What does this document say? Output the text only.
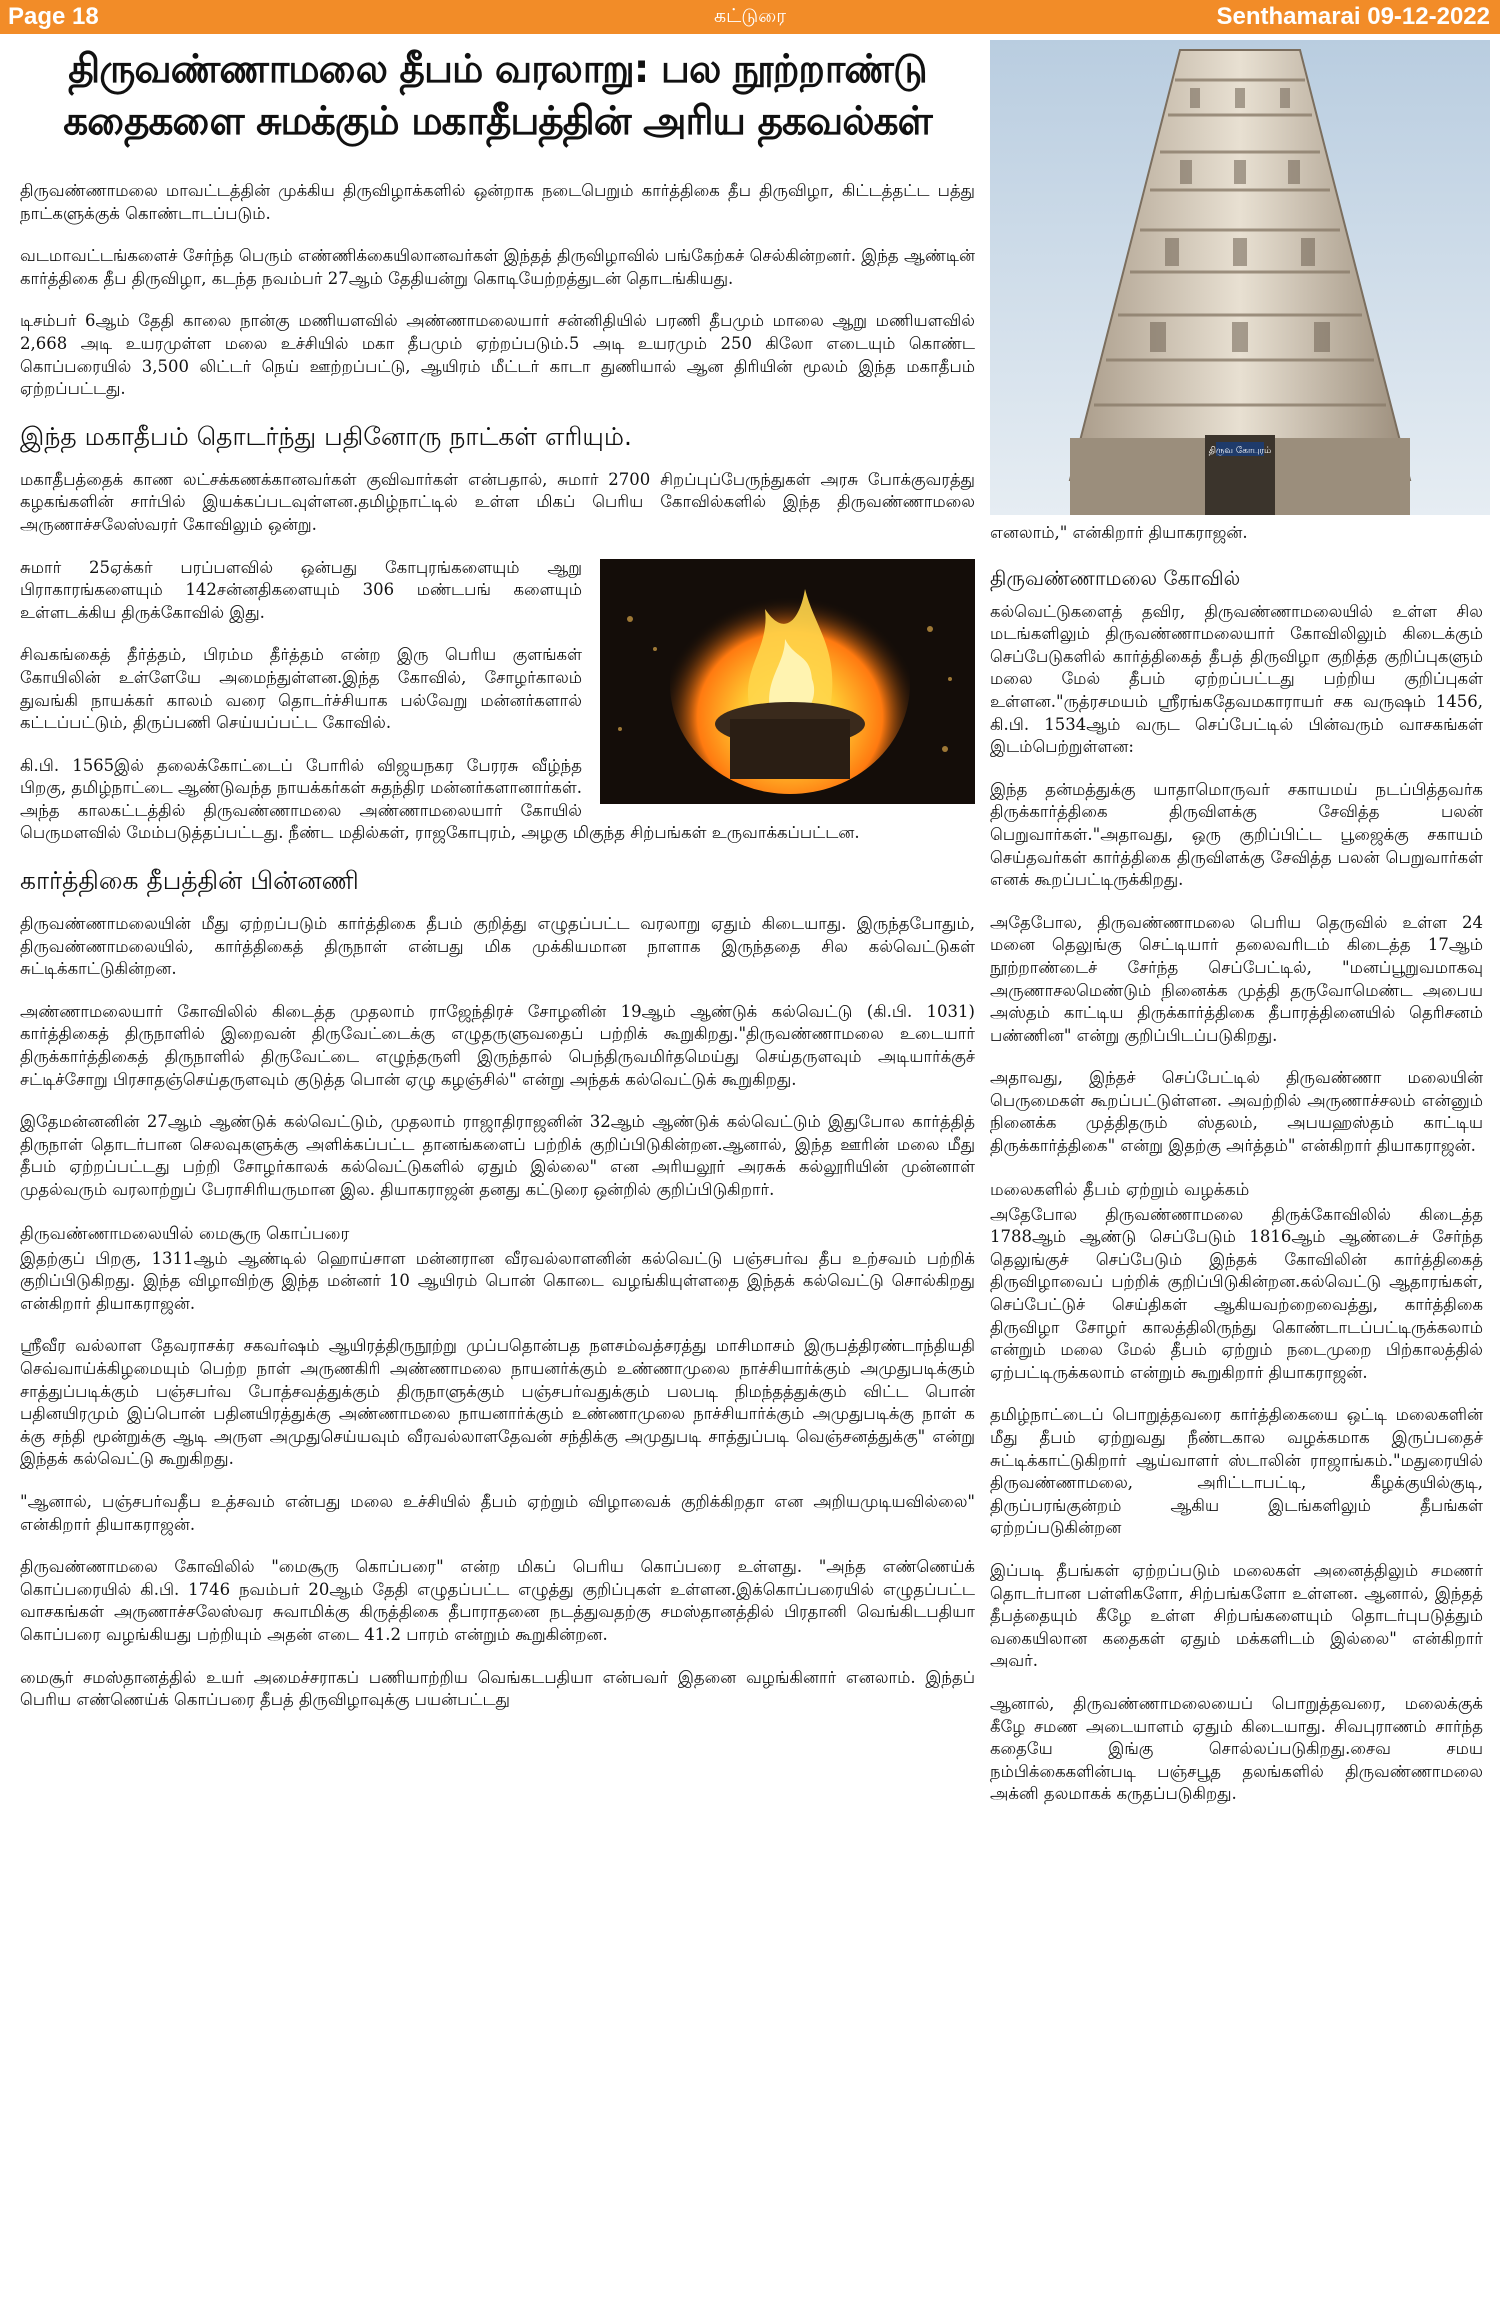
Page 18	கட்டுரை	Senthamarai 09-12-2022
திருவண்ணாமலை தீபம் வரலாறு: பல நூற்றாண்டு
கதைகளை சுமக்கும் மகாதீபத்தின் அரிய தகவல்கள்
திருவ கோபுரம்

திருவண்ணாமலை மாவட்டத்தின் முக்கிய திருவிழாக்களில் ஒன்றாக நடைபெறும் கார்த்திகை தீப திருவிழா, கிட்டத்தட்ட பத்து நாட்களுக்குக் கொண்டாடப்படும்.

வடமாவட்டங்களைச் சேர்ந்த பெரும் எண்ணிக்கையிலானவர்கள் இந்தத் திருவிழாவில் பங்கேற்கச் செல்கின்றனர். இந்த ஆண்டின் கார்த்திகை தீப திருவிழா, கடந்த நவம்பர் 27ஆம் தேதியன்று கொடியேற்றத்துடன் தொடங்கியது.

டிசம்பர் 6ஆம் தேதி காலை நான்கு மணியளவில் அண்ணாமலையார் சன்னிதியில் பரணி தீபமும் மாலை ஆறு மணியளவில் 2,668 அடி உயரமுள்ள மலை உச்சியில் மகா தீபமும் ஏற்றப்படும்.5 அடி உயரமும் 250 கிலோ எடையும் கொண்ட கொப்பரையில் 3,500 லிட்டர் நெய் ஊற்றப்பட்டு, ஆயிரம் மீட்டர் காடா துணியால் ஆன திரியின் மூலம் இந்த மகாதீபம் ஏற்றப்பட்டது.

இந்த மகாதீபம் தொடர்ந்து பதினோரு நாட்கள் எரியும்.

மகாதீபத்தைக் காண லட்சக்கணக்கானவர்கள் குவிவார்கள் என்பதால், சுமார் 2700 சிறப்புப்பேருந்துகள் அரசு போக்குவரத்து கழகங்களின் சார்பில் இயக்கப்படவுள்ளன.தமிழ்நாட்டில் உள்ள மிகப் பெரிய கோவில்களில் இந்த திருவண்ணாமலை அருணாச்சலேஸ்வரர் கோவிலும் ஒன்று.

சுமார் 25ஏக்கர் பரப்பளவில் ஒன்பது கோபுரங்களையும் ஆறு பிராகாரங்களையும் 142சன்னதிகளையும் 306 மண்டபங் களையும் உள்ளடக்கிய திருக்கோவில் இது.

சிவகங்கைத் தீர்த்தம், பிரம்ம தீர்த்தம் என்ற இரு பெரிய குளங்கள் கோயிலின் உள்ளேயே அமைந்துள்ளன.இந்த கோவில், சோழர்காலம் துவங்கி நாயக்கர் காலம் வரை தொடர்ச்சியாக பல்வேறு மன்னர்களால் கட்டப்பட்டும், திருப்பணி செய்யப்பட்ட கோவில்.

கி.பி. 1565இல் தலைக்கோட்டைப் போரில் விஜயநகர பேரரசு வீழ்ந்த பிறகு, தமிழ்நாட்டை ஆண்டுவந்த நாயக்கர்கள் சுதந்திர மன்னர்களானார்கள். அந்த காலகட்டத்தில் திருவண்ணாமலை அண்ணாமலையார் கோயில் பெருமளவில் மேம்படுத்தப்பட்டது. நீண்ட மதில்கள், ராஜகோபுரம், அழகு மிகுந்த சிற்பங்கள் உருவாக்கப்பட்டன.

கார்த்திகை தீபத்தின் பின்னணி

திருவண்ணாமலையின் மீது ஏற்றப்படும் கார்த்திகை தீபம் குறித்து எழுதப்பட்ட வரலாறு ஏதும் கிடையாது. இருந்தபோதும், திருவண்ணாமலையில், கார்த்திகைத் திருநாள் என்பது மிக முக்கியமான நாளாக இருந்ததை சில கல்வெட்டுகள் சுட்டிக்காட்டுகின்றன.

அண்ணாமலையார் கோவிலில் கிடைத்த முதலாம் ராஜேந்திரச் சோழனின் 19ஆம் ஆண்டுக் கல்வெட்டு (கி.பி. 1031) கார்த்திகைத் திருநாளில் இறைவன் திருவேட்டைக்கு எழுதருளுவதைப் பற்றிக் கூறுகிறது."திருவண்ணாமலை உடையார் திருக்கார்த்திகைத் திருநாளில் திருவேட்டை எழுந்தருளி இருந்தால் பெந்திருவமிர்தமெய்து செய்தருளவும் அடியார்க்குச் சட்டிச்சோறு பிரசாதஞ்செய்தருளவும் குடுத்த பொன் ஏழு கழஞ்சில்" என்று அந்தக் கல்வெட்டுக் கூறுகிறது.

இதேமன்னனின் 27ஆம் ஆண்டுக் கல்வெட்டும், முதலாம் ராஜாதிராஜனின் 32ஆம் ஆண்டுக் கல்வெட்டும் இதுபோல கார்த்தித் திருநாள் தொடர்பான செலவுகளுக்கு அளிக்கப்பட்ட தானங்களைப் பற்றிக் குறிப்பிடுகின்றன.ஆனால், இந்த ஊரின் மலை மீது தீபம் ஏற்றப்பட்டது பற்றி சோழர்காலக் கல்வெட்டுகளில் ஏதும் இல்லை" என அரியலூர் அரசுக் கல்லூரியின் முன்னாள் முதல்வரும் வரலாற்றுப் பேராசிரியருமான இல. தியாகராஜன் தனது கட்டுரை ஒன்றில் குறிப்பிடுகிறார்.

திருவண்ணாமலையில் மைசூரு கொப்பரை

இதற்குப் பிறகு, 1311ஆம் ஆண்டில் ஹொய்சாள மன்னரான வீரவல்லாளனின் கல்வெட்டு பஞ்சபர்வ தீப உற்சவம் பற்றிக் குறிப்பிடுகிறது. இந்த விழாவிற்கு இந்த மன்னர் 10 ஆயிரம் பொன் கொடை வழங்கியுள்ளதை இந்தக் கல்வெட்டு சொல்கிறது என்கிறார் தியாகராஜன்.

ஸ்ரீவீர வல்லாள தேவராசக்ர சகவர்ஷம் ஆயிரத்திருநூற்று முப்பதொன்பத நளசம்வத்சரத்து மாசிமாசம் இருபத்திரண்டாந்தியதி செவ்வாய்க்கிழமையும் பெற்ற நாள் அருணகிரி அண்ணாமலை நாயனர்க்கும் உண்ணாமுலை நாச்சியார்க்கும் அமுதுபடிக்கும் சாத்துப்படிக்கும் பஞ்சபர்வ போத்சவத்துக்கும் திருநாளுக்கும் பஞ்சபர்வதுக்கும் பலபடி நிமந்தத்துக்கும் விட்ட பொன் பதினயிரமும் இப்பொன் பதினயிரத்துக்கு அண்ணாமலை நாயனார்க்கும் உண்ணாமுலை நாச்சியார்க்கும் அமுதுபடிக்கு நாள் க க்கு சந்தி மூன்றுக்கு ஆடி அருள அமுதுசெய்யவும் வீரவல்லாளதேவன் சந்திக்கு அமுதுபடி சாத்துப்படி வெஞ்சனத்துக்கு" என்று இந்தக் கல்வெட்டு கூறுகிறது.

"ஆனால், பஞ்சபர்வதீப உத்சவம் என்பது மலை உச்சியில் தீபம் ஏற்றும் விழாவைக் குறிக்கிறதா என அறியமுடியவில்லை" என்கிறார் தியாகராஜன்.

திருவண்ணாமலை கோவிலில் "மைசூரு கொப்பரை" என்ற மிகப் பெரிய கொப்பரை உள்ளது. "அந்த எண்ணெய்க் கொப்பரையில் கி.பி. 1746 நவம்பர் 20ஆம் தேதி எழுதப்பட்ட எழுத்து குறிப்புகள் உள்ளன.இக்கொப்பரையில் எழுதப்பட்ட வாசகங்கள் அருணாச்சலேஸ்வர சுவாமிக்கு கிருத்திகை தீபாராதனை நடத்துவதற்கு சமஸ்தானத்தில் பிரதானி வெங்கிடபதியா கொப்பரை வழங்கியது பற்றியும் அதன் எடை 41.2 பாரம் என்றும் கூறுகின்றன.

மைசூர் சமஸ்தானத்தில் உயர் அமைச்சராகப் பணியாற்றிய வெங்கடபதியா என்பவர் இதனை வழங்கினார் எனலாம். இந்தப் பெரிய எண்ணெய்க் கொப்பரை தீபத் திருவிழாவுக்கு பயன்பட்டது

எனலாம்," என்கிறார் தியாகராஜன்.

திருவண்ணாமலை கோவில்

கல்வெட்டுகளைத் தவிர, திருவண்ணாமலையில் உள்ள சில மடங்களிலும் திருவண்ணாமலையார் கோவிலிலும் கிடைக்கும் செப்பேடுகளில் கார்த்திகைத் தீபத் திருவிழா குறித்த குறிப்புகளும் மலை மேல் தீபம் ஏற்றப்பட்டது பற்றிய குறிப்புகள் உள்ளன."ருத்ரசமயம் ஸ்ரீரங்கதேவமகாராயர் சக வருஷம் 1456, கி.பி. 1534ஆம் வருட செப்பேட்டில் பின்வரும் வாசகங்கள் இடம்பெற்றுள்ளன:

இந்த தன்மத்துக்கு யாதாமொருவர் சகாயமய் நடப்பித்தவர்க திருக்கார்த்திகை திருவிளக்கு சேவித்த பலன் பெறுவார்கள்."அதாவது, ஒரு குறிப்பிட்ட பூஜைக்கு சகாயம் செய்தவர்கள் கார்த்திகை திருவிளக்கு சேவித்த பலன் பெறுவார்கள் எனக் கூறப்பட்டிருக்கிறது.

அதேபோல, திருவண்ணாமலை பெரிய தெருவில் உள்ள 24 மனை தெலுங்கு செட்டியார் தலைவரிடம் கிடைத்த 17ஆம் நூற்றாண்டைச் சேர்ந்த செப்பேட்டில், "மனப்பூறுவமாகவு அருணாசலமெண்டும் நினைக்க முத்தி தருவோமெண்ட அபைய அஸ்தம் காட்டிய திருக்கார்த்திகை தீபாரத்தினையில் தெரிசனம் பண்ணின" என்று குறிப்பிடப்படுகிறது.

அதாவது, இந்தச் செப்பேட்டில் திருவண்ணா மலையின் பெருமைகள் கூறப்பட்டுள்ளன. அவற்றில் அருணாச்சலம் என்னும் நினைக்க முத்திதரும் ஸ்தலம், அபயஹஸ்தம் காட்டிய திருக்கார்த்திகை" என்று இதற்கு அர்த்தம்" என்கிறார் தியாகராஜன்.

மலைகளில் தீபம் ஏற்றும் வழக்கம்

அதேபோல திருவண்ணாமலை திருக்கோவிலில் கிடைத்த 1788ஆம் ஆண்டு செப்பேடும் 1816ஆம் ஆண்டைச் சேர்ந்த தெலுங்குச் செப்பேடும் இந்தக் கோவிலின் கார்த்திகைத் திருவிழாவைப் பற்றிக் குறிப்பிடுகின்றன.கல்வெட்டு ஆதாரங்கள், செப்பேட்டுச் செய்திகள் ஆகியவற்றைவைத்து, கார்த்திகை திருவிழா சோழர் காலத்திலிருந்து கொண்டாடப்பட்டிருக்கலாம் என்றும் மலை மேல் தீபம் ஏற்றும் நடைமுறை பிற்காலத்தில் ஏற்பட்டிருக்கலாம் என்றும் கூறுகிறார் தியாகராஜன்.

தமிழ்நாட்டைப் பொறுத்தவரை கார்த்திகையை ஒட்டி மலைகளின் மீது தீபம் ஏற்றுவது நீண்டகால வழக்கமாக இருப்பதைச் சுட்டிக்காட்டுகிறார் ஆய்வாளர் ஸ்டாலின் ராஜாங்கம்."மதுரையில் திருவண்ணாமலை, அரிட்டாபட்டி, கீழக்குயில்குடி, திருப்பரங்குன்றம் ஆகிய இடங்களிலும் தீபங்கள் ஏற்றப்படுகின்றன

இப்படி தீபங்கள் ஏற்றப்படும் மலைகள் அனைத்திலும் சமணர் தொடர்பான பள்ளிகளோ, சிற்பங்களோ உள்ளன. ஆனால், இந்தத் தீபத்தையும் கீழே உள்ள சிற்பங்களையும் தொடர்புபடுத்தும் வகையிலான கதைகள் ஏதும் மக்களிடம் இல்லை" என்கிறார் அவர்.

ஆனால், திருவண்ணாமலையைப் பொறுத்தவரை, மலைக்குக் கீழே சமண அடையாளம் ஏதும் கிடையாது. சிவபுராணம் சார்ந்த கதையே இங்கு சொல்லப்படுகிறது.சைவ சமய நம்பிக்கைகளின்படி பஞ்சபூத தலங்களில் திருவண்ணாமலை அக்னி தலமாகக் கருதப்படுகிறது.
